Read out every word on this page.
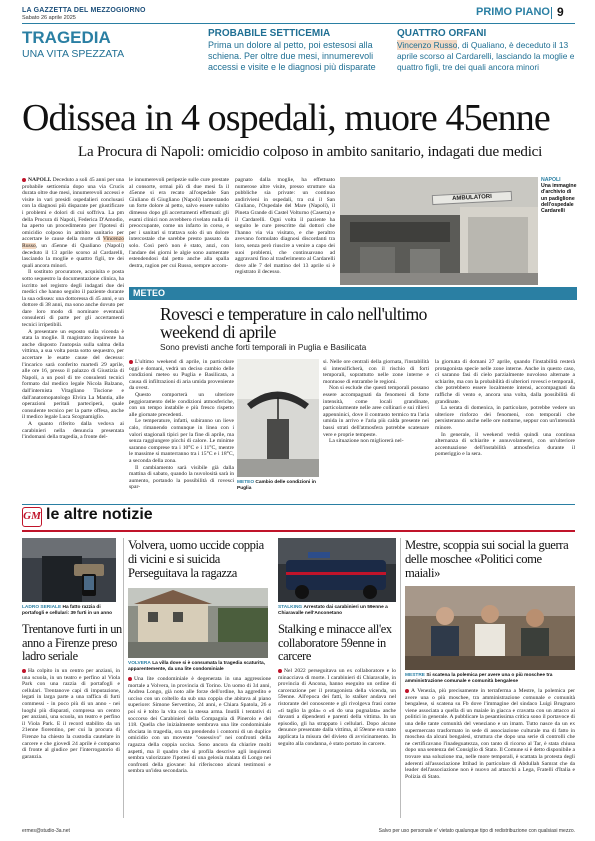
LA GAZZETTA DEL MEZZOGIORNO
Sabato 26 aprile 2025	PRIMO PIANO 9
TRAGEDIA
UNA VITA SPEZZATA
PROBABILE SETTICEMIA
Prima un dolore al petto, poi estesosi alla schiena. Per oltre due mesi, innumerevoli accessi e visite e le diagnosi più disparate
QUATTRO ORFANI
Vincenzo Russo, di Qualiano, è deceduto il 13 aprile scorso al Cardarelli, lasciando la moglie e quattro figli, tre dei quali ancora minori
Odissea in 4 ospedali, muore 45enne
La Procura di Napoli: omicidio colposo in ambito sanitario, indagati due medici

NAPOLI. Deceduto a soli 45 anni per una probabile setticemia dopo una via Crucis durata oltre due mesi, innumerevoli accessi e visite in vari presidi ospedalieri conclusasi con la diagnosi più disparate per giustificare i problemi e dolori di cui soffriva. La pm della Procura di Napoli, Federica D'Amodio, ha aperto un procedimento per l'ipotesi di omicidio colposo in ambito sanitario per accertare le cause della morte di Vincenzo Russo, un 45enne di Qualiano (Napoli) deceduto il 13 aprile scorso al Cardarelli, lasciando la moglie e quattro figli, tre dei quali ancora minori.

Il sostituto procuratore, acquisita e posta sotto sequestro la documentazione clinica, ha iscritto nel registro degli indagati due dei medici che hanno seguito il paziente durante la sua odissea: una dottoressa di 45 anni, e un dottore di 38 anni, ma sono anche dovuto per dare loro modo di nominare eventuali consulenti di parte per gli accertamenti tecnici irripetibili.

A presentare un esposto sulla vicenda è stata la moglie. Il magistrato inquirente ha anche disposto l'autopsia sulla salma della vittima, a sua volta posta sotto sequestro, per accertare le esatte cause del decesso: l'incarico sarà conferito martedì 29 aprile, alle ore 16, presso il palazzo di Giustizia di Napoli, a un pool di tre consulenti tecnici formato dal medico legale Nicola Balzano, dall'internista Vitagliano Tiscione e dall'anatomopatologo Elvira La Mantia, alle operazioni peritali parteciperà, quale consulente tecnico per la parte offesa, anche il medico legale Luca Scognamiglio.

A quanto riferito dalla vedova ai carabinieri nella denuncia presentata l'indomani della tragedia, a fronte del-

le innumerevoli peripezie sulle cure prestate al consorte, ormai più di due mesi fa il 45enne si era recato all'ospedale San Giuliano di Giugliano (Napoli) lamentando un forte dolore al petto, salvo essere subito dimesso dopo gli accertamenti effettuati: gli esami clinici non avrebbero rivelato nulla di preoccupante, come un infarto in corso, e per i sanitari si trattava solo di un dolore intercostale che sarebbe presto passato da solo. Così però non è stato, anzi, con l'andare dei giorni le algie sono aumentate estendendosi dal petto anche alla spalla destra, ragion per cui Russo, sempre accom-
pagnato dalla moglie, ha effettuato numerose altre visite, presso strutture sia pubbliche sia private: un continuo andirivieni in ospedali, tra cui il San Giuliano, l'Ospedale del Mare (Napoli), il Pineta Grande di Castel Volturno (Caserta) e il Cardarelli. Ogni volta il paziente ha seguito le cure prescritte dai dottori che l'hanno via via visitato, e che peraltro avevano formulato diagnosi discordanti tra loro, senza però riuscire a venire a capo dei suoi problemi, che continuavano ad aggravarsi fino al trasferimento al Cardarelli dove alle 7 del mattino del 13 aprile si è registrato il decesso.
AMBULATORI
NAPOLI
Una immagine d'archivio di un padiglione dell'ospedale Cardarelli
METEO
Rovesci e temperature in calo nell'ultimo weekend di aprile
Sono previsti anche forti temporali in Puglia e Basilicata

L'ultimo weekend di aprile, in particolare oggi e domani, vedrà un deciso cambio delle condizioni meteo su Puglia e Basilicata, a causa di infiltrazioni di aria umida proveniente da ovest.

Questo comporterà un ulteriore peggioramento delle condizioni atmosferiche, con un tempo instabile e più fresco rispetto alle giornate precedenti.

Le temperature, infatti, subiranno un lieve calo, rimanendo comunque in linea con i valori stagionali tipici per la fine di aprile, ma senza raggiungere picchi di calore. Le minime saranno comprese tra i 10°C e i 11°C, mentre le massime si manterranno tra i 15°C e i 18°C, a seconda della zona.

Il cambiamento sarà visibile già dalla mattina di sabato, quando la nuvolosità sarà in aumento, portando la possibilità di rovesci spar-

METEO Cambio delle condizioni in Puglia

si. Nelle ore centrali della giornata, l'instabilità si intensificherà, con il rischio di forti temporali, soprattutto nelle zone interne e montuose di entrambe le regioni.

Non si esclude che questi temporali possano essere accompagnati da fenomeni di forte intensità, come locali grandinate, particolarmente nelle aree collinari e sui rilievi appenninici, dove il contrasto termico tra l'aria umida in arrivo e l'aria più calda presente nei bassi strati dell'atmosfera potrebbe scatenare vere e proprie tempeste.

La situazione non migliorerà nel-

la giornata di domani 27 aprile, quando l'instabilità resterà protagonista specie nelle zone interne. Anche in questo caso, ci saranno fasi di cielo parzialmente nuvoloso alternate a schiarite, ma con la probabilità di ulteriori rovesci e temporali, che potrebbero essere localmente intensi, accompagnati da raffiche di vento e, ancora una volta, dalla possibilità di grandinate.

La serata di domenica, in particolare, potrebbe vedere un ulteriore rinforzo dei fenomeni, con temporali che persisteranno anche nelle ore notturne, seppur con un'intensità minore.

In generale, il weekend vedrà quindi una continua alternanza di schiarite e annuvolamenti, con un'ulteriore accentuazione dell'instabilità atmosferica durante il pomeriggio e la sera.

GM le altre notizie
LADRO SERIALE Ha fatto razzia di portafogli e cellulari: 39 furti in un anno
Trentanove furti in un anno a Firenze preso ladro seriale

Ha colpito in un centro per anziani, in una scuola, in un teatro e perfino al Viola Park con una razzia di portafogli e cellulari. Trentanove capi di imputazione, legati in larga parte a una raffica di furti commessi - in poco più di un anno - nei luoghi più disparati, compresa un centro per anziani, una scuola, un teatro e perfino il Viola Park. E il record stabilito da un 21enne fiorentino, per cui la procura di Firenze ha chiesto la custodia cautelare in carcere e che giovedì 24 aprile è comparso di fronte al giudice per l'interrogatorio di garanzia.

Volvera, uomo uccide coppia di vicini e si suicida Perseguitava la ragazza
VOLVERA La villa dove si è consumata la tragedia scaturita, apparentemente, da una lite condominiale

Una lite condominiale è degenerata in una aggressione mortale a Volvera, in provincia di Torino. Un uomo di 34 anni, Andrea Longo, già noto alle forze dell'ordine, ha aggredito e ucciso con un coltello da sub una coppia che abitava al piano superiore: Simone Servettino, 24 anni, e Chiara Spatola, 26 e poi si è tolto la vita con la stessa arma. Inutili i tentativi di soccorso dei Carabinieri della Compagnia di Pinerolo e del 118. Quella che inizialmente sembrava una lite condominiale sfociata in tragedia, ora sta prendendo i contorni di un duplice omicidio con un movente "ossessivo" nei confronti della ragazza della coppia uccisa. Sono ancora da chiarire molti aspetti, ma il quadro che si profila descrive agli inquirenti sembra valorizzare l'ipotesi di una gelosia malata di Longo nei confronti della giovane: lui riferiscono alcuni testimoni e sembra un'idea secondaria.

STALKING Arrestato dai carabinieri un 59enne a Chiaravalle nell'Anconetano
Stalking e minacce all'ex collaboratore 59enne in carcere

Nel 2022 perseguitava un ex collaboratore e lo minacciava di morte. I carabinieri di Chiaravalle, in provincia di Ancona, hanno eseguito un ordine di carcerazione per il protagonista della vicenda, un 59enne. All'epoca dei fatti, lo stalker andava nel ristorante del conoscente e gli rivolgeva frasi come «ti taglio la gola» o «ti do una pugnalata» anche davanti a dipendenti e parenti della vittima. In un episodio, gli ha strappato i cellulari. Dopo alcune denunce presentate dalla vittima, al 59enne era stato applicata la misura del divieto di avvicinamento. In seguito alla condanna, è stato portato in carcere.

Mestre, scoppia sui social la guerra delle moschee «Politici come maiali»
MESTRE Si scatena la polemica per avere una o più moschee tra amministrazione comunale e comunità bengalese

A Venezia, più precisamente in terraferma a Mestre, la polemica per avere una o più moschee, tra amministrazione comunale e comunità bengalese, si scatena su Fb dove l'immagine del sindaco Luigi Brugnaro viene associata a quella di un maiale in giacca e cravatta con un attacco ai politici in generale. A pubblicare la pesantissima critica sono il portavoce di una delle tante comunità del veneziano e un imam. Tutto nasce da un ex supermercato trasformato in sede di associazione culturale ma di fatto in moschea da alcuni bengalesi, struttura che dopo una serie di controlli che ne certificavano l'inadeguatezza, con tanto di ricorso al Tar, è stata chiusa dopo una sentenza del Consiglio di Stato. Il Comune si è detto disponibile a trovare una soluzione ma, nelle more temporali, è scattata la protesta degli aderenti all'associazione Ittihad in particolare di Abdullah Samrat che da leader dell'associazione non è nuovo ad attacchi a Lega, Fratelli d'Italia e Polizia di Stato.

ermes@studio-3a.net	Salvo per uso personale e' vietato qualunque tipo di redistribuzione con qualsiasi mezzo.
